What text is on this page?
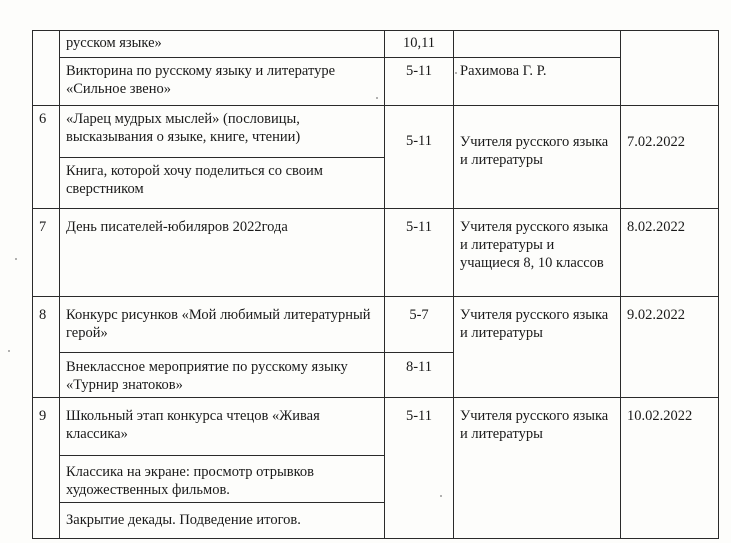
	русском языке»	10,11		
	Викторина по русскому языку и литературе «Сильное звено»	5-11	Рахимова Г. Р.	
6	«Ларец мудрых мыслей» (пословицы, высказывания о языке, книге, чтении)	5-11	Учителя русского языка и литературы	7.02.2022
	Книга, которой хочу поделиться со своим сверстником			
7	День писателей-юбиляров 2022года	5-11	Учителя русского языка и литературы и учащиеся 8, 10 классов	8.02.2022
8	Конкурс рисунков «Мой любимый литературный герой»	5-7	Учителя русского языка и литературы	9.02.2022
	Внеклассное мероприятие по русскому языку «Турнир знатоков»	8-11		
9	Школьный этап конкурса чтецов «Живая классика»	5-11	Учителя русского языка и литературы	10.02.2022
	Классика на экране: просмотр отрывков художественных фильмов.			
	Закрытие декады. Подведение итогов.			
